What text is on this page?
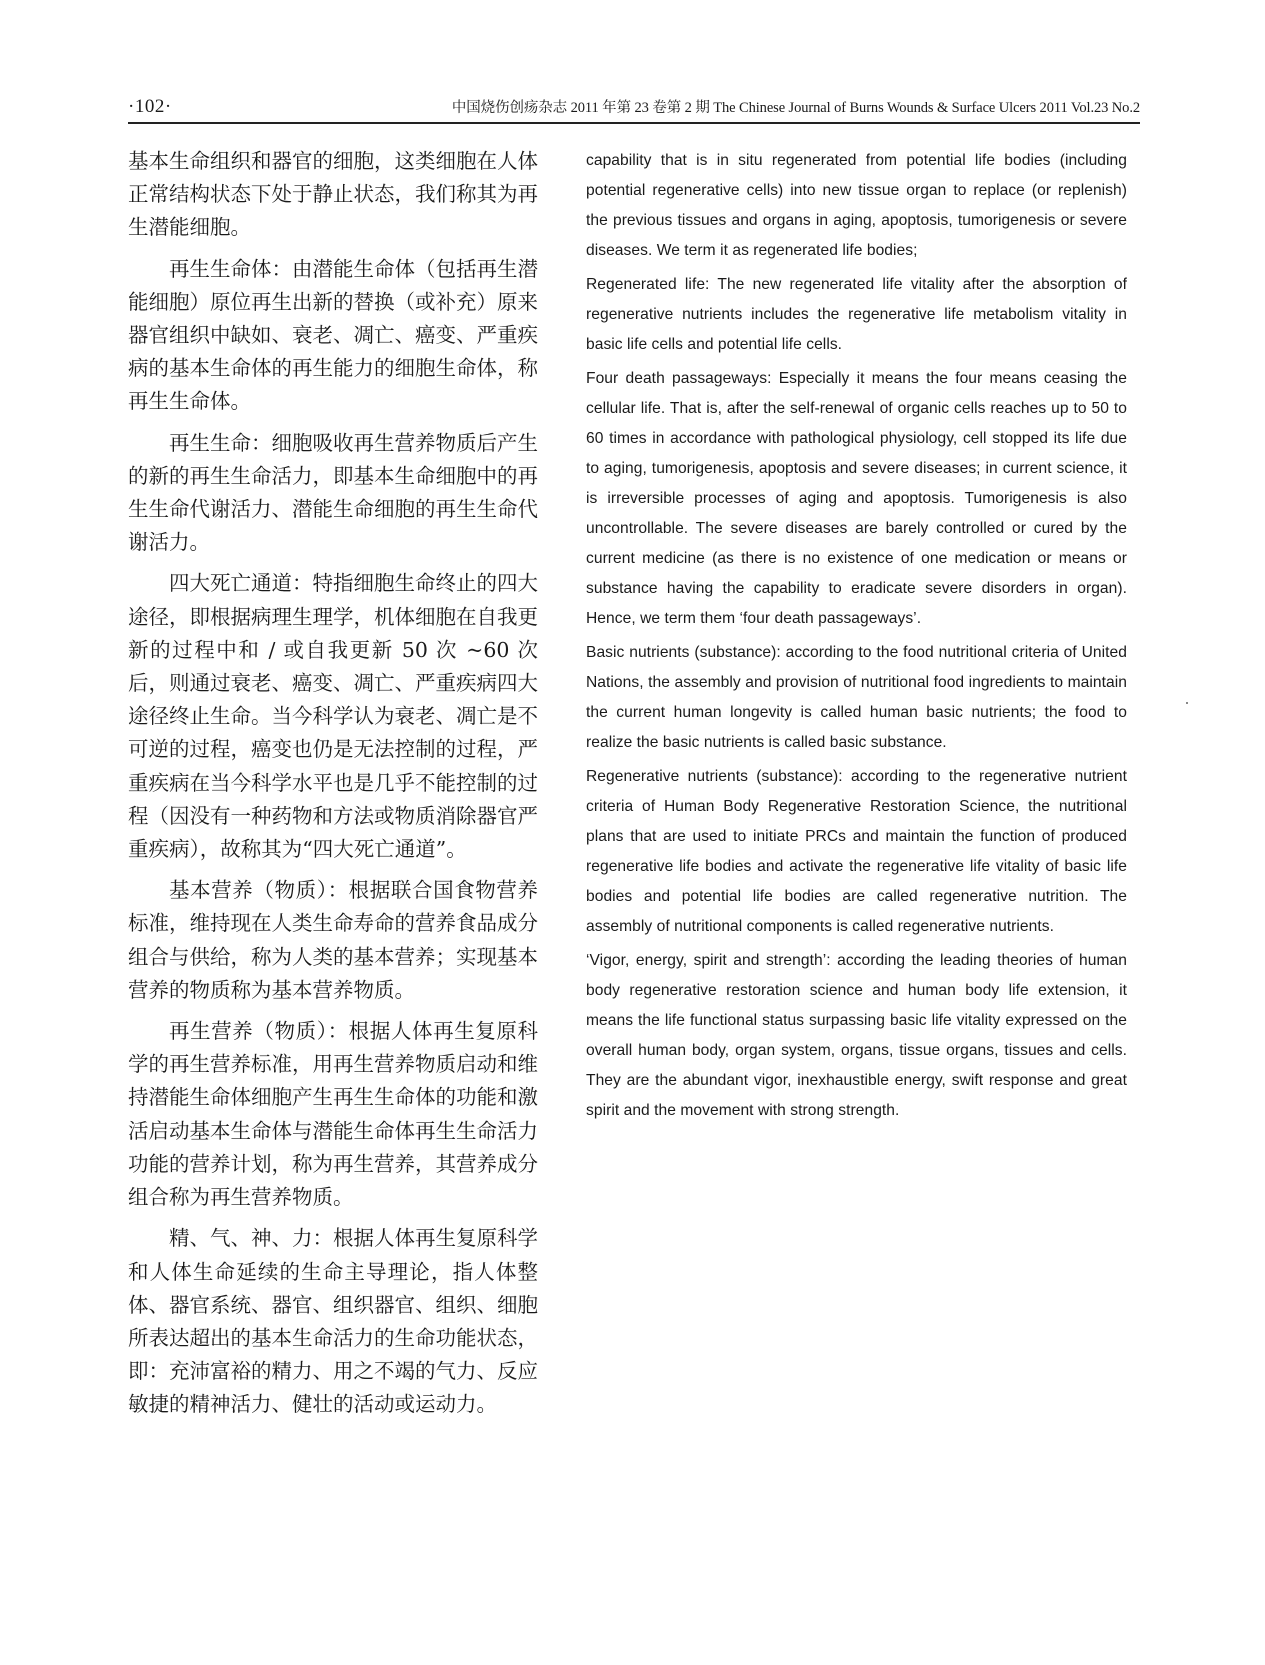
·102·	中国烧伤创疡杂志 2011 年第 23 卷第 2 期 The Chinese Journal of Burns Wounds & Surface Ulcers 2011 Vol.23 No.2

基本生命组织和器官的细胞，这类细胞在人体正常结构状态下处于静止状态，我们称其为再生潜能细胞。

再生生命体：由潜能生命体（包括再生潜能细胞）原位再生出新的替换（或补充）原来器官组织中缺如、衰老、凋亡、癌变、严重疾病的基本生命体的再生能力的细胞生命体，称再生生命体。

再生生命：细胞吸收再生营养物质后产生的新的再生生命活力，即基本生命细胞中的再生生命代谢活力、潜能生命细胞的再生生命代谢活力。

四大死亡通道：特指细胞生命终止的四大途径，即根据病理生理学，机体细胞在自我更新的过程中和 / 或自我更新 50 次 ~60 次后，则通过衰老、癌变、凋亡、严重疾病四大途径终止生命。当今科学认为衰老、凋亡是不可逆的过程，癌变也仍是无法控制的过程，严重疾病在当今科学水平也是几乎不能控制的过程（因没有一种药物和方法或物质消除器官严重疾病），故称其为“四大死亡通道”。

基本营养（物质）：根据联合国食物营养标准，维持现在人类生命寿命的营养食品成分组合与供给，称为人类的基本营养；实现基本营养的物质称为基本营养物质。

再生营养（物质）：根据人体再生复原科学的再生营养标准，用再生营养物质启动和维持潜能生命体细胞产生再生生命体的功能和激活启动基本生命体与潜能生命体再生生命活力功能的营养计划，称为再生营养，其营养成分组合称为再生营养物质。

精、气、神、力：根据人体再生复原科学和人体生命延续的生命主导理论，指人体整体、器官系统、器官、组织器官、组织、细胞所表达超出的基本生命活力的生命功能状态，即：充沛富裕的精力、用之不竭的气力、反应敏捷的精神活力、健壮的活动或运动力。

capability that is in situ regenerated from potential life bodies (including potential regenerative cells) into new tissue organ to replace (or replenish) the previous tissues and organs in aging, apoptosis, tumorigenesis or severe diseases. We term it as regenerated life bodies;

Regenerated life: The new regenerated life vitality after the absorption of regenerative nutrients includes the regenerative life metabolism vitality in basic life cells and potential life cells.

Four death passageways: Especially it means the four means ceasing the cellular life. That is, after the self-renewal of organic cells reaches up to 50 to 60 times in accordance with pathological physiology, cell stopped its life due to aging, tumorigenesis, apoptosis and severe diseases; in current science, it is irreversible processes of aging and apoptosis. Tumorigenesis is also uncontrollable. The severe diseases are barely controlled or cured by the current medicine (as there is no existence of one medication or means or substance having the capability to eradicate severe disorders in organ). Hence, we term them ‘four death passageways’.

Basic nutrients (substance): according to the food nutritional criteria of United Nations, the assembly and provision of nutritional food ingredients to maintain the current human longevity is called human basic nutrients; the food to realize the basic nutrients is called basic substance.

Regenerative nutrients (substance): according to the regenerative nutrient criteria of Human Body Regenerative Restoration Science, the nutritional plans that are used to initiate PRCs and maintain the function of produced regenerative life bodies and activate the regenerative life vitality of basic life bodies and potential life bodies are called regenerative nutrition. The assembly of nutritional components is called regenerative nutrients.

‘Vigor, energy, spirit and strength’: according the leading theories of human body regenerative restoration science and human body life extension, it means the life functional status surpassing basic life vitality expressed on the overall human body, organ system, organs, tissue organs, tissues and cells. They are the abundant vigor, inexhaustible energy, swift response and great spirit and the movement with strong strength.
